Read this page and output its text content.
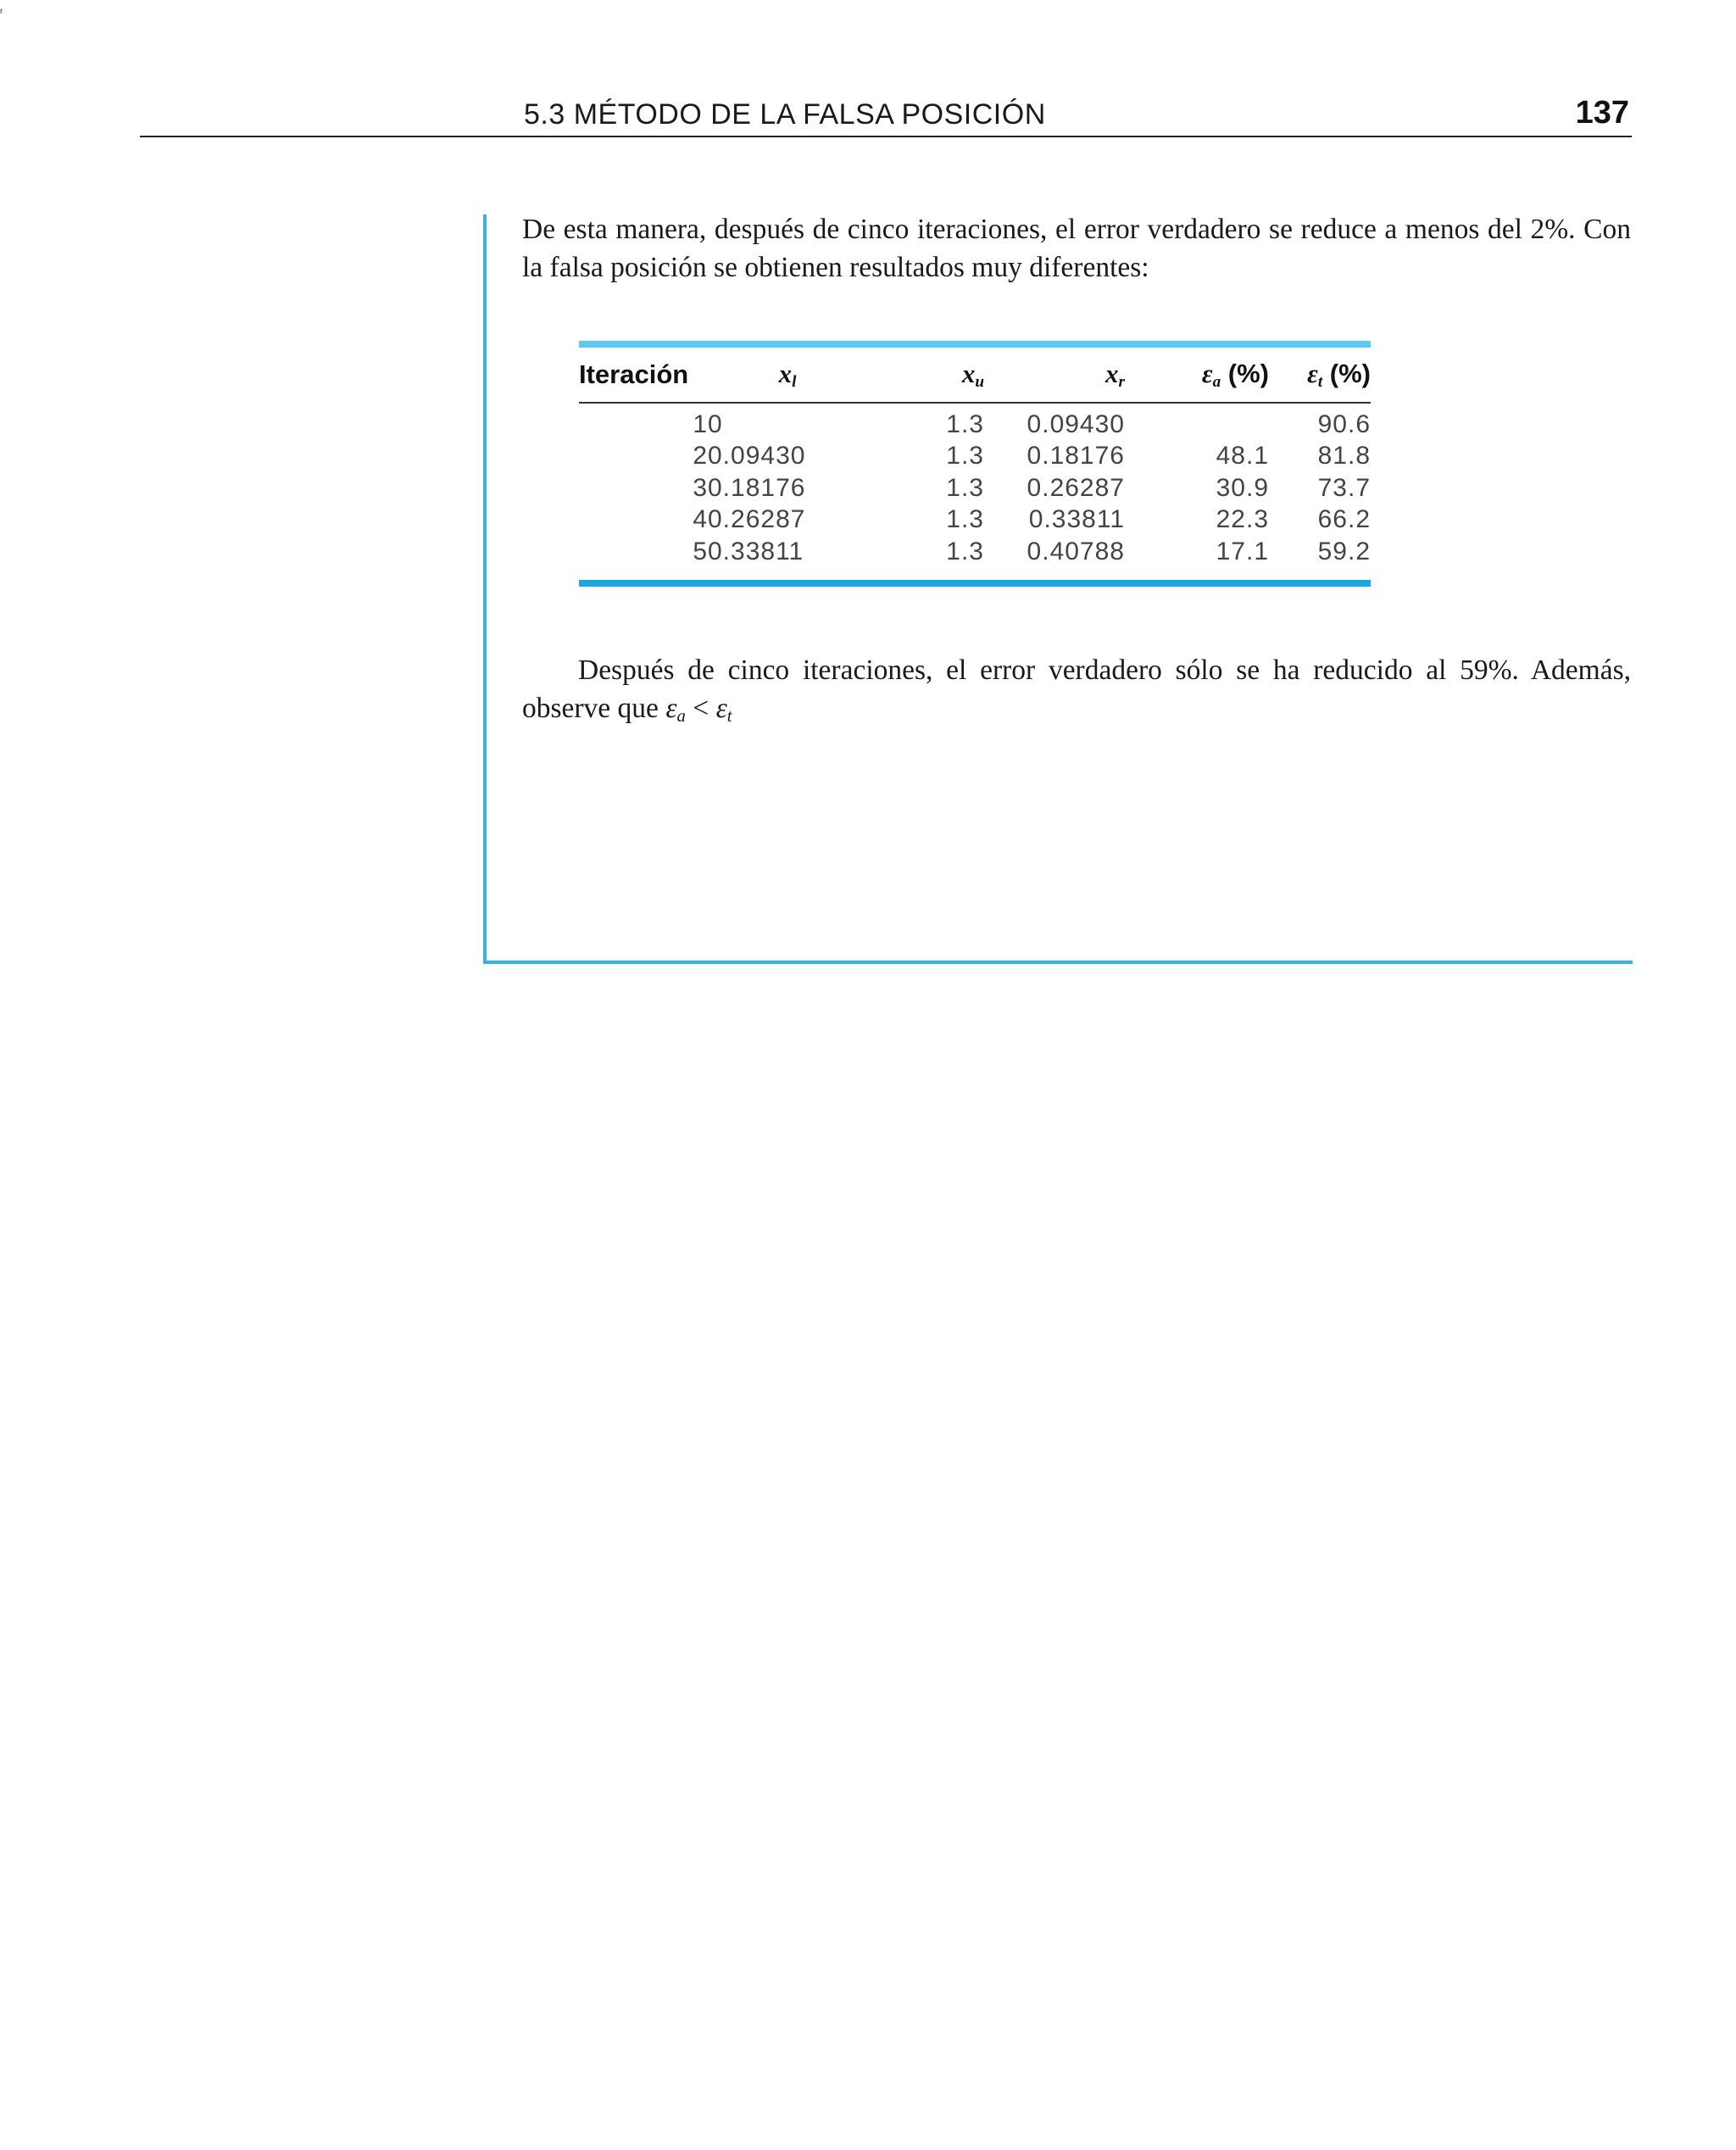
5.3 MÉTODO DE LA FALSA POSICIÓN	137

De esta manera, después de cinco iteraciones, el error verdadero se reduce a menos del 2%. Con la falsa posición se obtienen resultados muy diferentes:

Iteración	$x_l$	$x_u$	$x_r$	$\varepsilon_a$ (%)	$\varepsilon_t$ (%)

1	0	1.3	0.09430		90.6
2	0.09430	1.3	0.18176	48.1	81.8
3	0.18176	1.3	0.26287	30.9	73.7
4	0.26287	1.3	0.33811	22.3	66.2
5	0.33811	1.3	0.40788	17.1	59.2

Después de cinco iteraciones, el error verdadero sólo se ha reducido al 59%. Además, observe que $\varepsilon_a < \varepsilon_t$

$_t$
